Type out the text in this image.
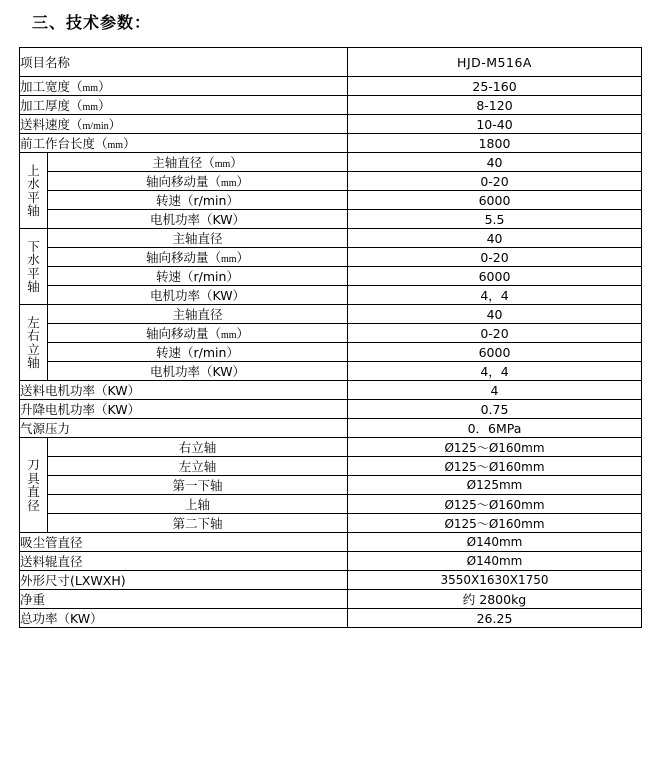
三、技术参数：
项目名称		HJD-M516A
加工宽度（mm）		25-160
加工厚度（mm）		8-120
送料速度（m/min）		10-40
前工作台长度（mm）		1800

上
水
平
轴	主轴直径（mm）	40
	轴向移动量（mm）	0-20
	转速（r/min）	6000
	电机功率（KW）	5.5

下
水
平
轴	主轴直径	40
	轴向移动量（mm）	0-20
	转速（r/min）	6000
	电机功率（KW）	4，4

左
右
立
轴	主轴直径	40
	轴向移动量（mm）	0-20
	转速（r/min）	6000
	电机功率（KW）	4，4
送料电机功率（KW）		4
升降电机功率（KW）		0.75
气源压力		0．6MPa

刀
具
直
径	右立轴	Ø125～Ø160mm
	左立轴	Ø125～Ø160mm
	第一下轴	Ø125mm
	上轴	Ø125～Ø160mm
	第二下轴	Ø125～Ø160mm
吸尘管直径		Ø140mm
送料辊直径		Ø140mm
外形尺寸(LXWXH)		3550X1630X1750
净重		约 2800kg
总功率（KW）		26.25
